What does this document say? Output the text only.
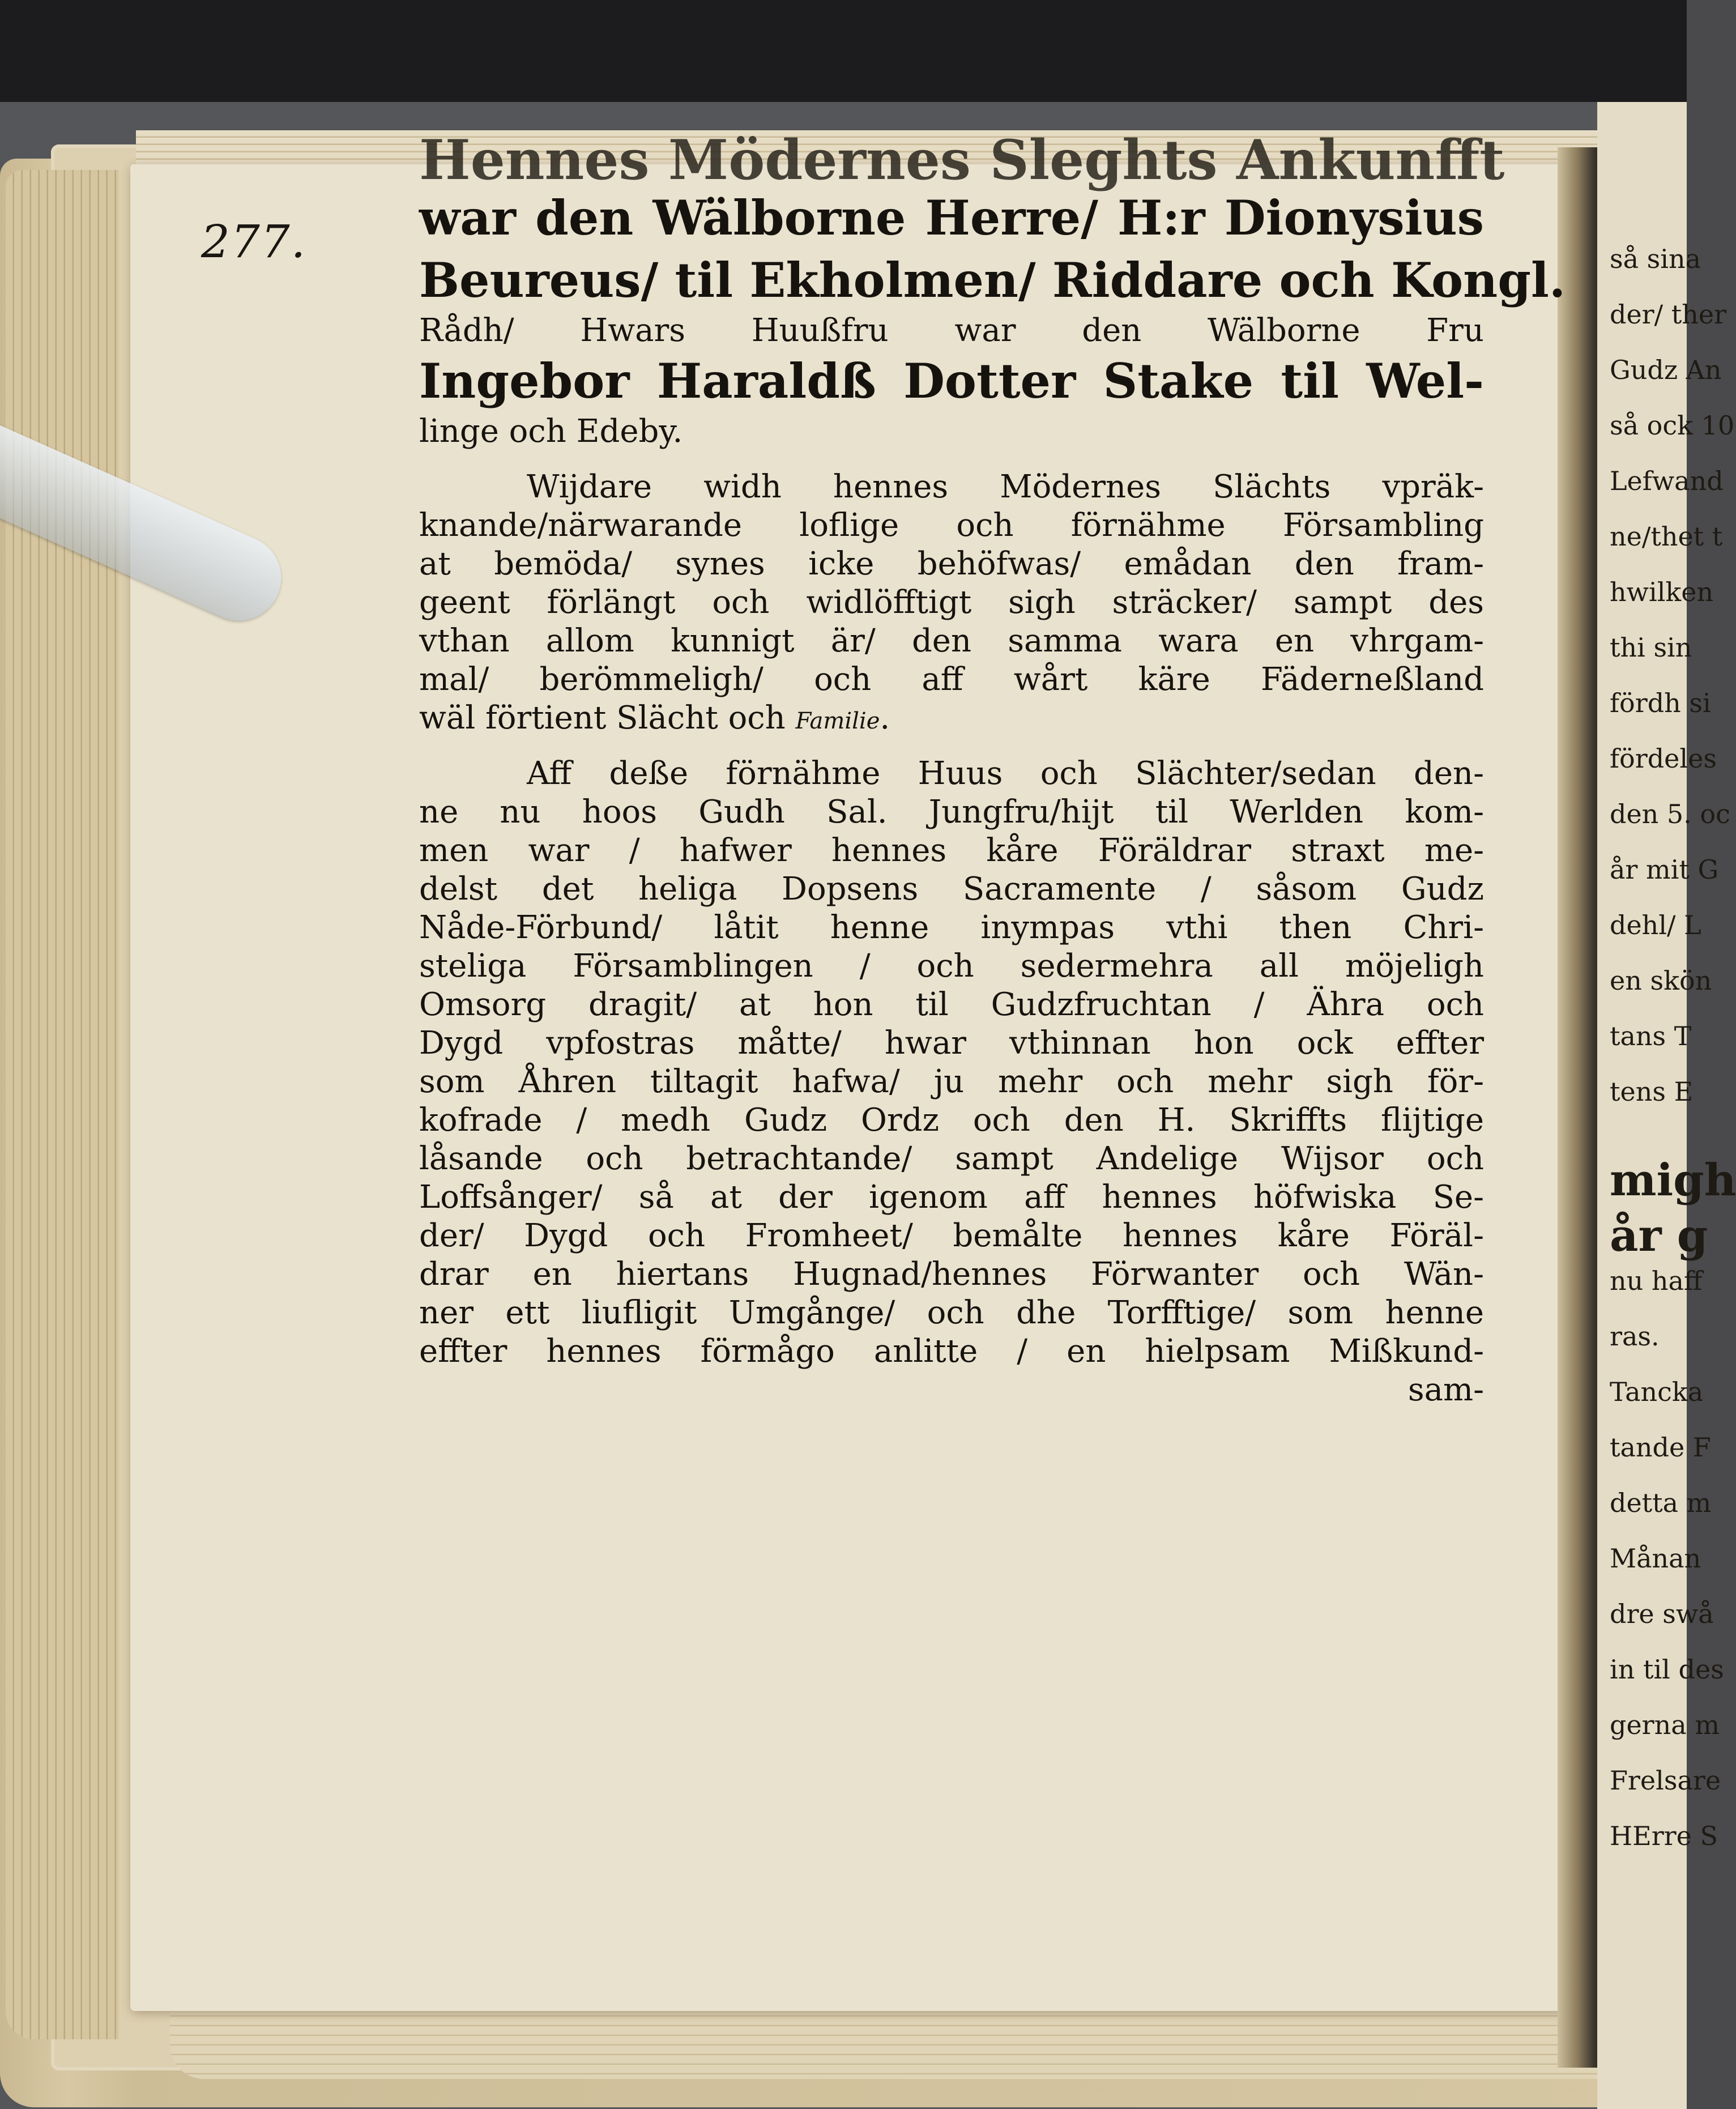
så sina
der/ ther
Gudz An
så ock 10
Lefwand
ne/thet t
hwilken
thi sin
fördh si
fördeles
den 5. oc
år mit G
dehl/ L
en skön
tans T
tens E
migh
år g
nu haff
ras.
Tancka
tande F
detta m
Månan
dre swå
in til des
gerna m
Frelsare
HErre S
277.
Hennes Mödernes Sleghts Ankunfft
war den Wälborne Herre/ H:r Dionysius
Beureus/ til Ekholmen/ Riddare och Kongl.
Rådh/ Hwars Huußfru war den Wälborne Fru
Ingebor Haraldß Dotter Stake til Wel-
linge och Edeby.
Wijdare widh hennes Mödernes Slächts vpräk-
knande/närwarande loflige och förnähme Försambling
at bemöda/ synes icke behöfwas/ emådan den fram-
geent förlängt och widlöfftigt sigh sträcker/ sampt des
vthan allom kunnigt är/ den samma wara en vhrgam-
mal/ berömmeligh/ och aff wårt käre Fäderneßland
wäl förtient Slächt och Familie.
Aff deße förnähme Huus och Slächter/sedan den-
ne nu hoos Gudh Sal. Jungfru/hijt til Werlden kom-
men war / hafwer hennes kåre Föräldrar straxt me-
delst det heliga Dopsens Sacramente / såsom Gudz
Nåde-Förbund/ låtit henne inympas vthi then Chri-
steliga Församblingen / och sedermehra all möjeligh
Omsorg dragit/ at hon til Gudzfruchtan / Ähra och
Dygd vpfostras måtte/ hwar vthinnan hon ock effter
som Åhren tiltagit hafwa/ ju mehr och mehr sigh för-
kofrade / medh Gudz Ordz och den H. Skriffts flijtige
låsande och betrachtande/ sampt Andelige Wijsor och
Loffsånger/ så at der igenom aff hennes höfwiska Se-
der/ Dygd och Fromheet/ bemålte hennes kåre Föräl-
drar en hiertans Hugnad/hennes Förwanter och Wän-
ner ett liufligit Umgånge/ och dhe Torfftige/ som henne
effter hennes förmågo anlitte / en hielpsam Mißkund-
sam-
